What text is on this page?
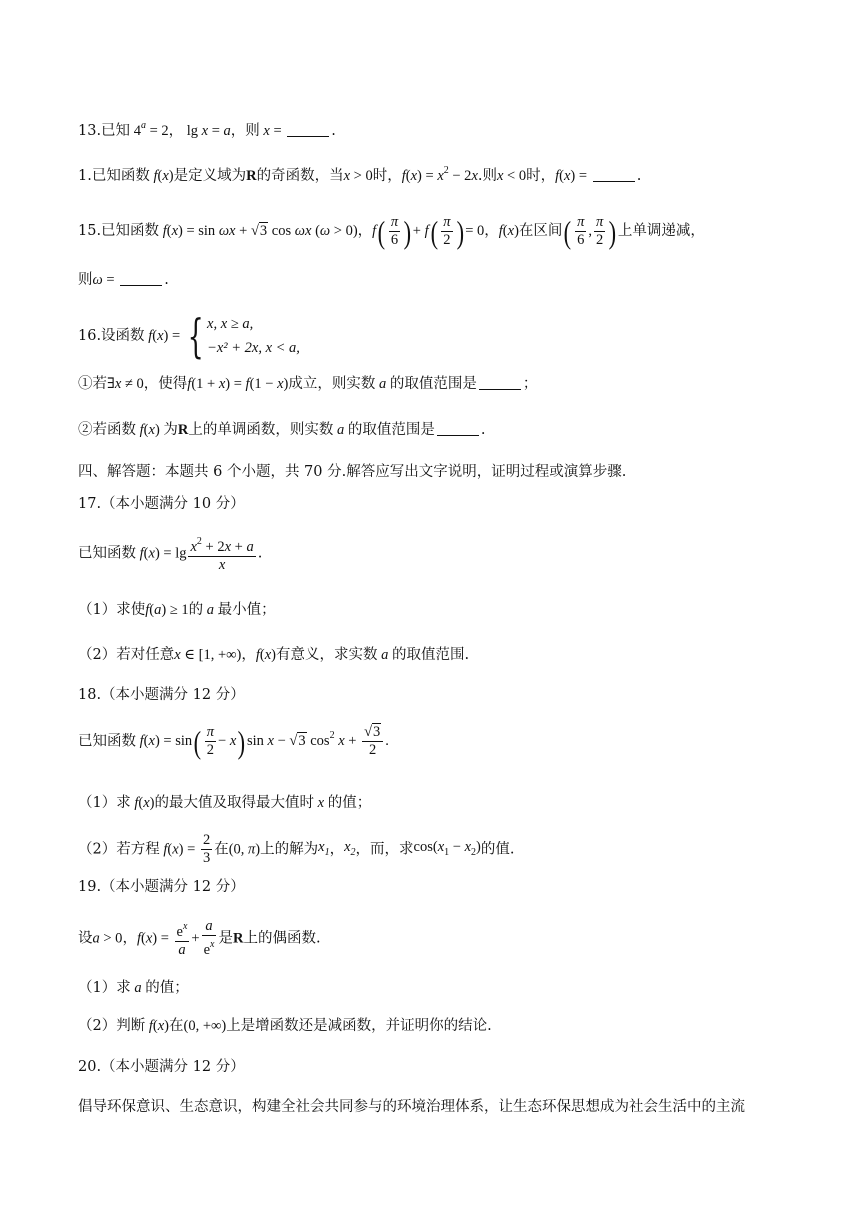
13.已知 $4^a = 2$， lg x = a，则 x =	.
1.已知函数 f(x)是定义域为R的奇函数，当x > 0时，$f(x) = x^2 - 2x$.则x < 0时，f(x) =	.
15.已知函数 f(x) = sin ωx + √3 cos ωx (ω > 0)，$f( \frac{\pi}{6}$ ) + $f( \frac{\pi}{2}$ ) = 0，f(x)在区间( $\frac{\pi}{6}$ , $\frac{\pi}{2}$ ) 上单调递减，
则ω =	.
16.设函数 f(x) = { x, x ≥ a,
−x² + 2x, x < a,
①若∃x ≠ 0，使得f(1 + x) = f(1 − x)成立，则实数 a 的取值范围是	；
②若函数 f(x) 为R上的单调函数，则实数 a 的取值范围是	.
四、解答题：本题共 6 个小题，共 70 分.解答应写出文字说明，证明过程或演算步骤.
17.（本小题满分 10 分）
已知函数 $f(x) = \lg \frac{x^2 + 2x + a}{x}$ .
（1）求使f(a) ≥ 1的 a 最小值；
（2）若对任意x ∈ [1, +∞)，f(x)有意义，求实数 a 的取值范围.
18.（本小题满分 12 分）
已知函数 $f(x) = \sin( \frac{\pi}{2} - x)$ sin x − √3 $\cos^2 x + \frac{√3}{2}$ .
（1）求 f(x)的最大值及取得最大值时 x 的值；
（2）若方程 $f(x) = \frac{2}{3}$ 在(0, π)上的解为$x_1$，$x_2$，而，求$\cos(x_1 - x_2)$的值.
19.（本小题满分 12 分）
设a > 0，$f(x) = \frac{e^x}{a} + \frac{a}{e^x}$ 是R上的偶函数.
（1）求 a 的值；
（2）判断 f(x)在(0, +∞)上是增函数还是减函数，并证明你的结论.
20.（本小题满分 12 分）
倡导环保意识、生态意识，构建全社会共同参与的环境治理体系，让生态环保思想成为社会生活中的主流
